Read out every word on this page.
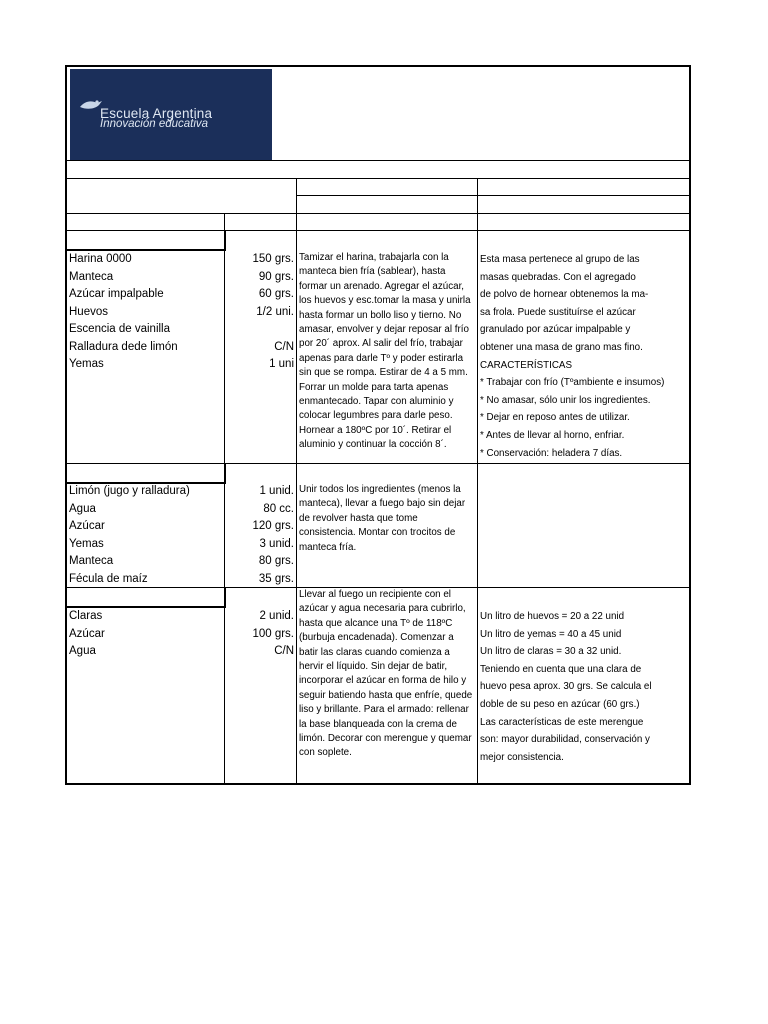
Escuela Argentina
Innovación educativa
Harina 0000
Manteca
Azúcar impalpable
Huevos
Escencia de vainilla
Ralladura dede limón
Yemas
150 grs.
90 grs.
60 grs.
1/2 uni.

C/N
1 uni
Tamizar el harina, trabajarla con la manteca bien fría (sablear), hasta formar un arenado. Agregar el azúcar, los huevos y esc.tomar la masa y unirla hasta formar un bollo liso y tierno. No amasar, envolver y dejar reposar al frío por 20´ aprox. Al salir del frío, trabajar apenas para darle Tº y poder estirarla sin que se rompa. Estirar de 4 a 5 mm. Forrar un molde para tarta apenas enmantecado. Tapar con aluminio y colocar legumbres para darle peso. Hornear a 180ºC por 10´. Retirar el aluminio y continuar la cocción 8´.
Esta masa pertenece al grupo de las
masas quebradas. Con el agregado
de polvo de hornear obtenemos la ma-
sa frola. Puede sustituírse el azúcar
granulado por azúcar impalpable y
obtener una masa de grano mas fino.
CARACTERÍSTICAS
* Trabajar con frío (Tºambiente e insumos)
* No amasar, sólo unir los ingredientes.
* Dejar en reposo antes de utilizar.
* Antes de llevar al horno, enfriar.
* Conservación: heladera 7 días.
Limón (jugo y ralladura)
Agua
Azúcar
Yemas
Manteca
Fécula de maíz
1 unid.
80 cc.
120 grs.
3 unid.
80 grs.
35 grs.
Unir todos los ingredientes (menos la manteca), llevar a fuego bajo sin dejar de revolver hasta que tome consistencia. Montar con trocitos de manteca fría.
Claras
Azúcar
Agua
2 unid.
100 grs.
C/N
Llevar al fuego un recipiente con el azúcar y agua necesaria para cubrirlo, hasta que alcance una Tº de 118ºC (burbuja encadenada). Comenzar a batir las claras cuando comienza a hervir el líquido. Sin dejar de batir, incorporar el azúcar en forma de hilo y seguir batiendo hasta que enfríe, quede liso y brillante. Para el armado: rellenar la base blanqueada con la crema de limón. Decorar con merengue y quemar con soplete.
Un litro de huevos = 20 a 22 unid
Un litro de yemas = 40 a 45 unid
Un litro de claras = 30 a 32 unid.
Teniendo en cuenta que una clara de
huevo pesa aprox. 30 grs. Se calcula el
doble de su peso en azúcar (60 grs.)
Las características de este merengue
son: mayor durabilidad, conservación y
mejor consistencia.
